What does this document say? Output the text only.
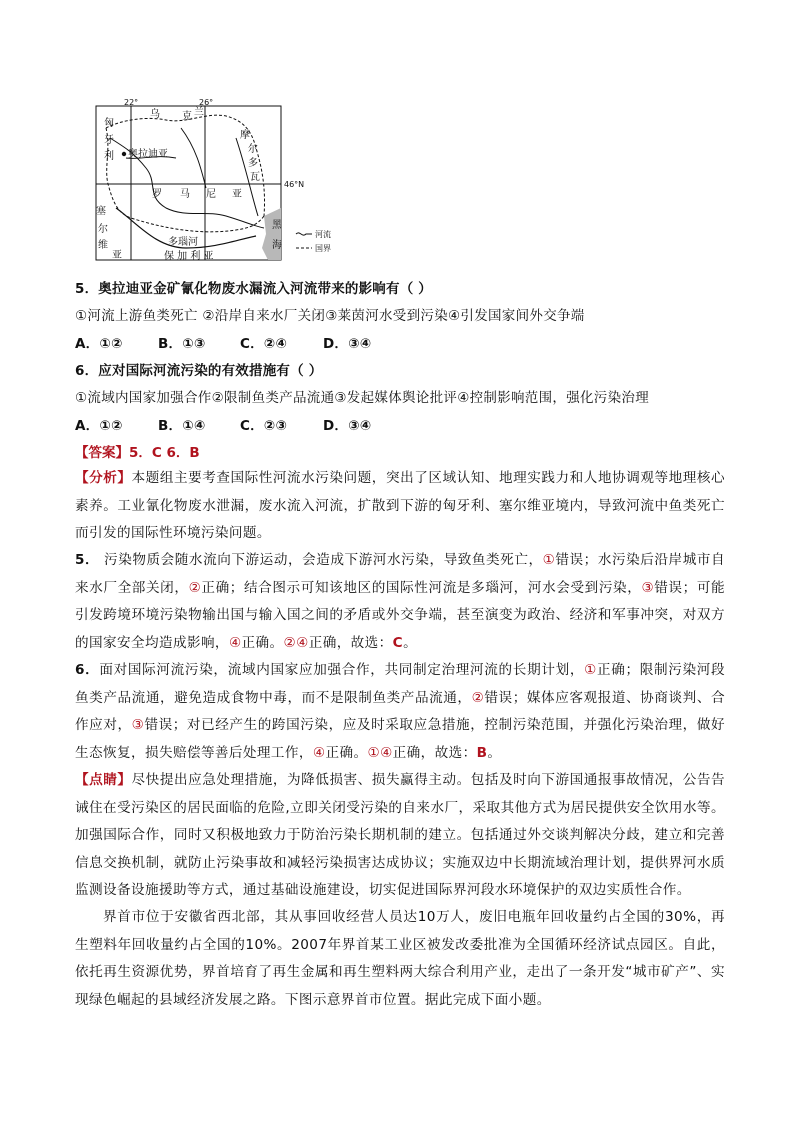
22°	26°
46°N
乌 克 兰
匈
牙
利 奥拉迪亚
摩
尔
多
瓦
罗 马 尼 亚
塞
尔
维
亚
多瑙河
保 加 利 亚
黑
海
河流
国界
5．奥拉迪亚金矿氰化物废水漏流入河流带来的影响有（ ）
①河流上游鱼类死亡 ②沿岸自来水厂关闭③莱茵河水受到污染④引发国家间外交争端
A．①②	B．①③	C．②④	D．③④
6．应对国际河流污染的有效措施有（ ）
①流域内国家加强合作②限制鱼类产品流通③发起媒体舆论批评④控制影响范围，强化污染治理
A．①②	B．①④	C．②③	D．③④
【答案】5．C 6．B
【分析】本题组主要考查国际性河流水污染问题，突出了区域认知、地理实践力和人地协调观等地理核心素养。工业氰化物废水泄漏，废水流入河流，扩散到下游的匈牙利、塞尔维亚境内，导致河流中鱼类死亡而引发的国际性环境污染问题。
5． 污染物质会随水流向下游运动，会造成下游河水污染，导致鱼类死亡，①错误；水污染后沿岸城市自来水厂全部关闭，②正确；结合图示可知该地区的国际性河流是多瑙河，河水会受到污染，③错误；可能引发跨境环境污染物输出国与输入国之间的矛盾或外交争端，甚至演变为政治、经济和军事冲突，对双方的国家安全均造成影响，④正确。②④正确，故选：C。
6．面对国际河流污染，流域内国家应加强合作，共同制定治理河流的长期计划，①正确；限制污染河段鱼类产品流通，避免造成食物中毒，而不是限制鱼类产品流通，②错误；媒体应客观报道、协商谈判、合作应对，③错误；对已经产生的跨国污染，应及时采取应急措施，控制污染范围，并强化污染治理，做好生态恢复，损失赔偿等善后处理工作，④正确。①④正确，故选：B。
【点睛】尽快提出应急处理措施，为降低损害、损失赢得主动。包括及时向下游国通报事故情况，公告告诫住在受污染区的居民面临的危险,立即关闭受污染的自来水厂，采取其他方式为居民提供安全饮用水等。加强国际合作，同时又积极地致力于防治污染长期机制的建立。包括通过外交谈判解决分歧，建立和完善信息交换机制，就防止污染事故和减轻污染损害达成协议；实施双边中长期流域治理计划，提供界河水质监测设备设施援助等方式，通过基础设施建设，切实促进国际界河段水环境保护的双边实质性合作。
界首市位于安徽省西北部，其从事回收经营人员达10万人，废旧电瓶年回收量约占全国的30%，再生塑料年回收量约占全国的10%。2007年界首某工业区被发改委批准为全国循环经济试点园区。自此，依托再生资源优势，界首培育了再生金属和再生塑料两大综合利用产业，走出了一条开发“城市矿产”、实现绿色崛起的县域经济发展之路。下图示意界首市位置。据此完成下面小题。
